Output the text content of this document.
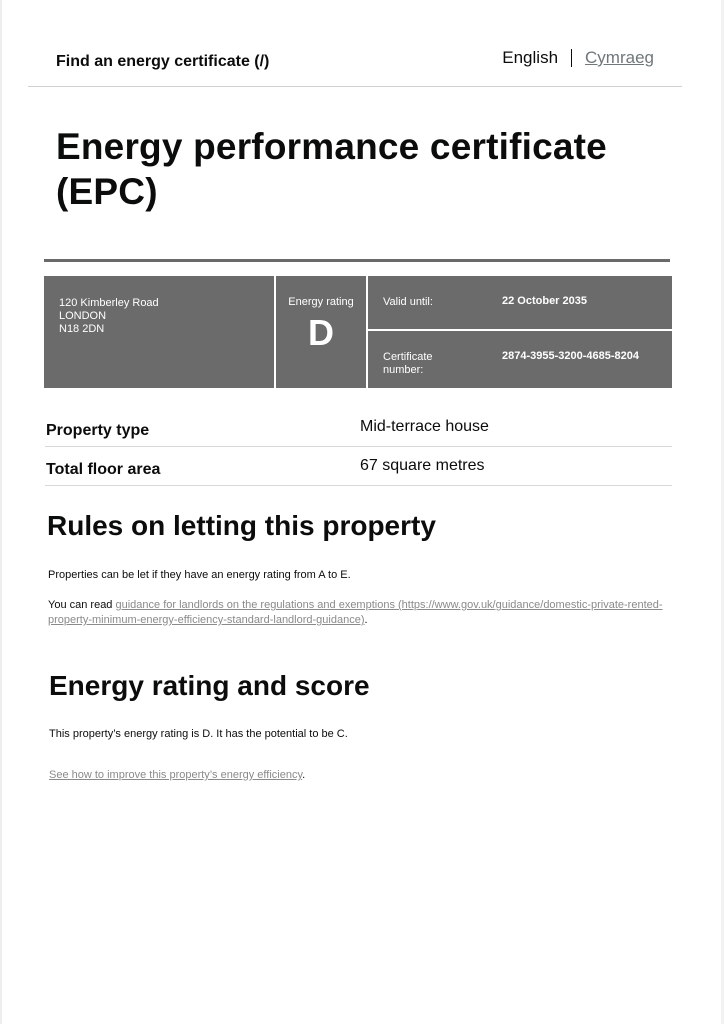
Find an energy certificate (/)	English Cymraeg
Energy performance certificate (EPC)
120 Kimberley Road
LONDON
N18 2DN
Energy rating
D
Valid until:	22 October 2035
Certificate number:
2874-3955-3200-4685-8204
Property type	Mid-terrace house
Total floor area	67 square metres
Rules on letting this property

Properties can be let if they have an energy rating from A to E.

You can read guidance for landlords on the regulations and exemptions (https://www.gov.uk/guidance/domestic-private-rented-property-minimum-energy-efficiency-standard-landlord-guidance).

Energy rating and score

This property’s energy rating is D. It has the potential to be C.

See how to improve this property’s energy efficiency.
